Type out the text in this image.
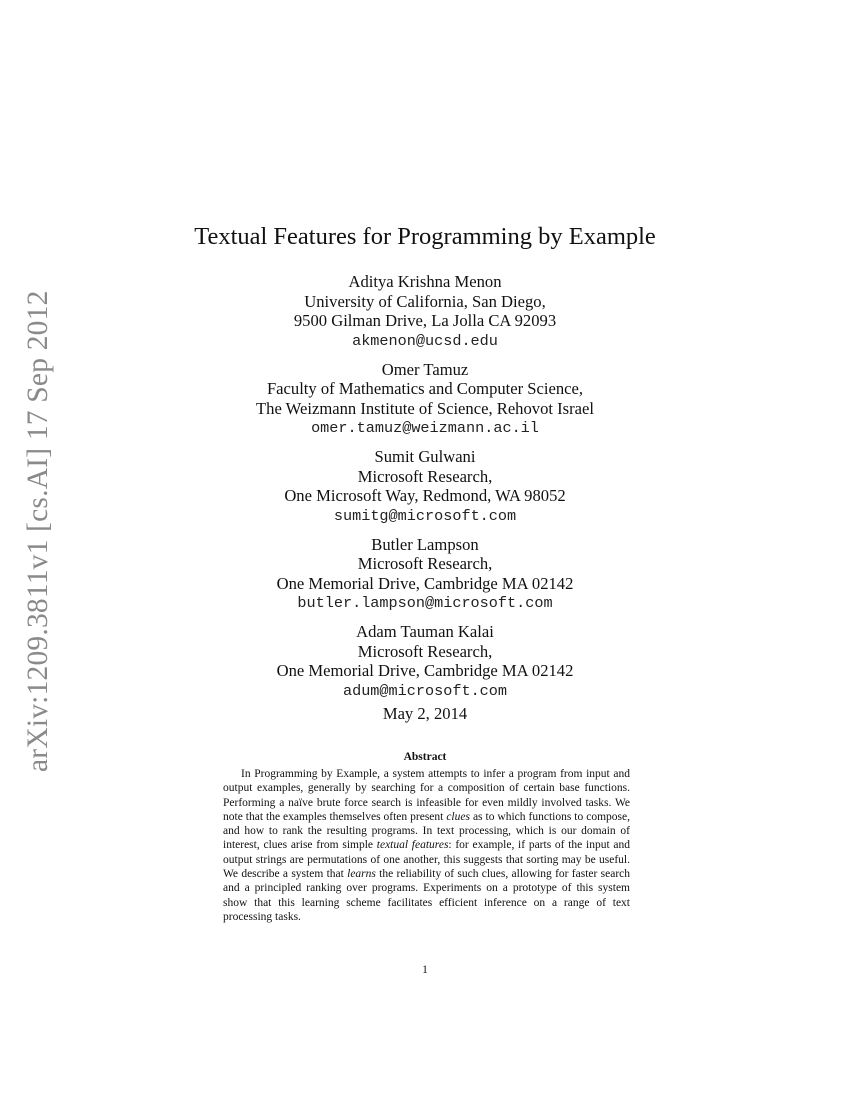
arXiv:1209.3811v1 [cs.AI] 17 Sep 2012
Textual Features for Programming by Example
Aditya Krishna Menon
University of California, San Diego,
9500 Gilman Drive, La Jolla CA 92093
akmenon@ucsd.edu
Omer Tamuz
Faculty of Mathematics and Computer Science,
The Weizmann Institute of Science, Rehovot Israel
omer.tamuz@weizmann.ac.il
Sumit Gulwani
Microsoft Research,
One Microsoft Way, Redmond, WA 98052
sumitg@microsoft.com
Butler Lampson
Microsoft Research,
One Memorial Drive, Cambridge MA 02142
butler.lampson@microsoft.com
Adam Tauman Kalai
Microsoft Research,
One Memorial Drive, Cambridge MA 02142
adum@microsoft.com
May 2, 2014
Abstract

In Programming by Example, a system attempts to infer a program from input and output examples, generally by searching for a composition of certain base functions. Performing a naïve brute force search is infeasible for even mildly involved tasks. We note that the examples themselves often present clues as to which functions to compose, and how to rank the resulting programs. In text processing, which is our domain of interest, clues arise from simple textual features: for example, if parts of the input and output strings are permutations of one another, this suggests that sorting may be useful. We describe a system that learns the reliability of such clues, allowing for faster search and a principled ranking over programs. Experiments on a prototype of this system show that this learning scheme facilitates efficient inference on a range of text processing tasks.

1
